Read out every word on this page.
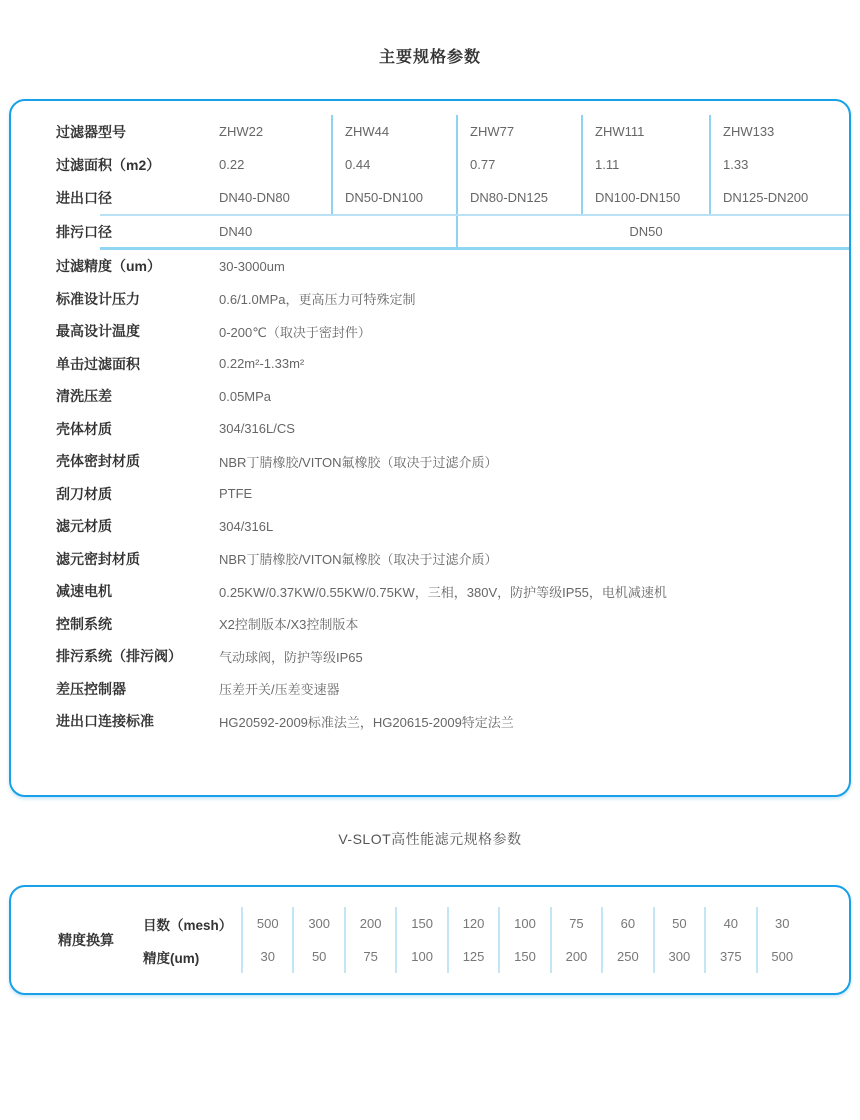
主要规格参数
过滤器型号	ZHW22	ZHW44	ZHW77	ZHW111	ZHW133
过滤面积（m2）	0.22	0.44	0.77	1.11	1.33
进出口径	DN40-DN80	DN50-DN100	DN80-DN125	DN100-DN150	DN125-DN200
排污口径	DN40	DN50
过滤精度（um）	30-3000um
标准设计压力	0.6/1.0MPa，更高压力可特殊定制
最高设计温度	0-200℃（取决于密封件）
单击过滤面积	0.22m²-1.33m²
清洗压差	0.05MPa
壳体材质	304/316L/CS
壳体密封材质	NBR丁腈橡胶/VITON氟橡胶（取决于过滤介质）
刮刀材质	PTFE
滤元材质	304/316L
滤元密封材质	NBR丁腈橡胶/VITON氟橡胶（取决于过滤介质）
减速电机	0.25KW/0.37KW/0.55KW/0.75KW，三相，380V，防护等级IP55，电机减速机
控制系统	X2控制版本/X3控制版本
排污系统（排污阀）	气动球阀，防护等级IP65
差压控制器	压差开关/压差变速器
进出口连接标准	HG20592-2009标准法兰，HG20615-2009特定法兰
V-SLOT高性能滤元规格参数
精度换算
目数（mesh）	500	300	200	150	120	100	75	60	50	40	30
精度(um)	30	50	75	100	125	150	200	250	300	375	500
